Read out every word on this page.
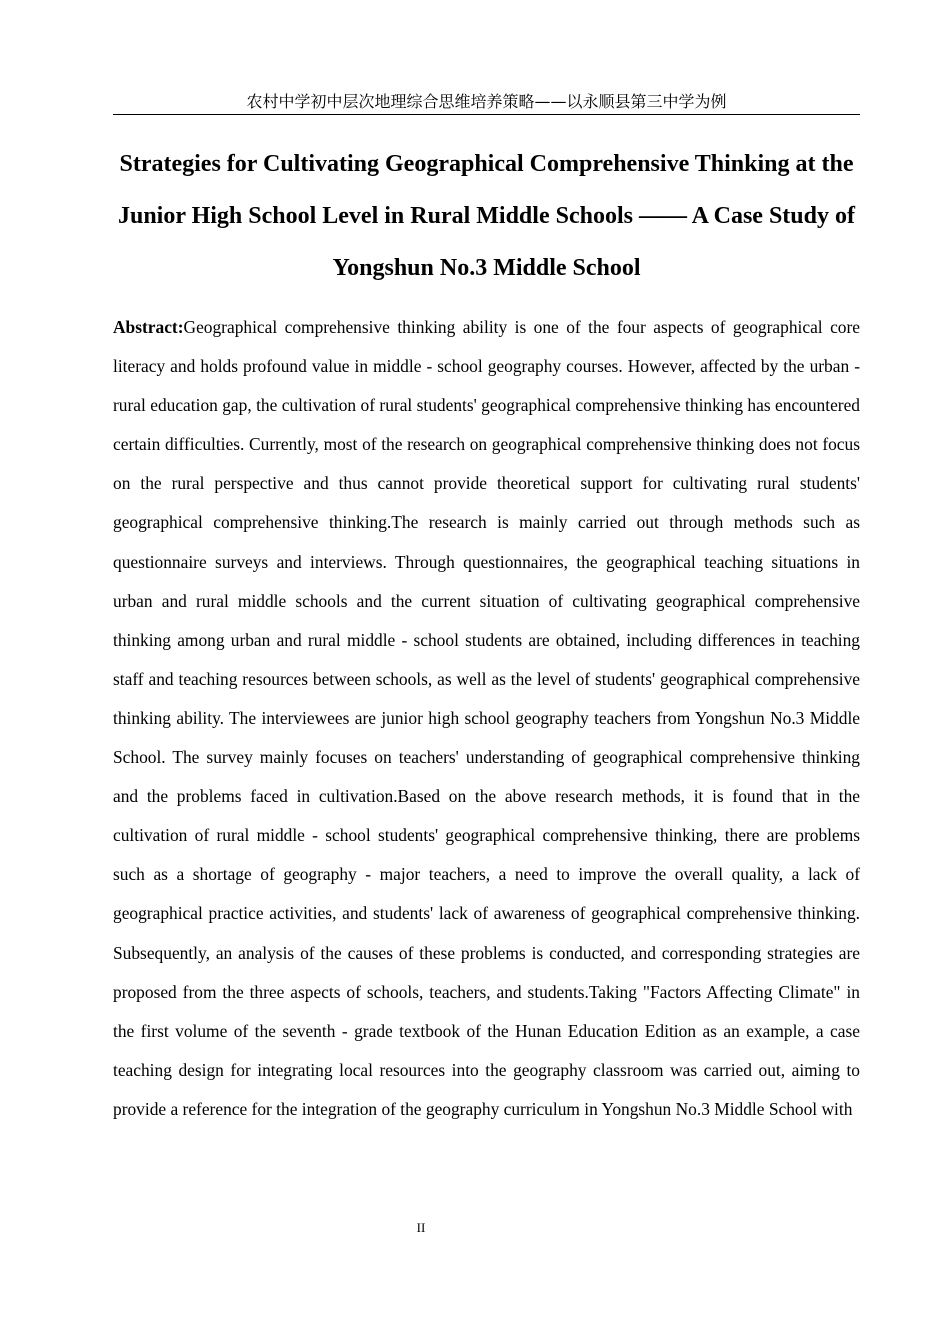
农村中学初中层次地理综合思维培养策略——以永顺县第三中学为例
Strategies for Cultivating Geographical Comprehensive Thinking at the Junior High School Level in Rural Middle Schools —— A Case Study of Yongshun No.3 Middle School

Abstract:Geographical comprehensive thinking ability is one of the four aspects of geographical core literacy and holds profound value in middle - school geography courses. However, affected by the urban - rural education gap, the cultivation of rural students' geographical comprehensive thinking has encountered certain difficulties. Currently, most of the research on geographical comprehensive thinking does not focus on the rural perspective and thus cannot provide theoretical support for cultivating rural students' geographical comprehensive thinking.The research is mainly carried out through methods such as questionnaire surveys and interviews. Through questionnaires, the geographical teaching situations in urban and rural middle schools and the current situation of cultivating geographical comprehensive thinking among urban and rural middle - school students are obtained, including differences in teaching staff and teaching resources between schools, as well as the level of students' geographical comprehensive thinking ability. The interviewees are junior high school geography teachers from Yongshun No.3 Middle School. The survey mainly focuses on teachers' understanding of geographical comprehensive thinking and the problems faced in cultivation.Based on the above research methods, it is found that in the cultivation of rural middle - school students' geographical comprehensive thinking, there are problems such as a shortage of geography - major teachers, a need to improve the overall quality, a lack of geographical practice activities, and students' lack of awareness of geographical comprehensive thinking. Subsequently, an analysis of the causes of these problems is conducted, and corresponding strategies are proposed from the three aspects of schools, teachers, and students.Taking "Factors Affecting Climate" in the first volume of the seventh - grade textbook of the Hunan Education Edition as an example, a case teaching design for integrating local resources into the geography classroom was carried out, aiming to provide a reference for the integration of the geography curriculum in Yongshun No.3 Middle School with

II
